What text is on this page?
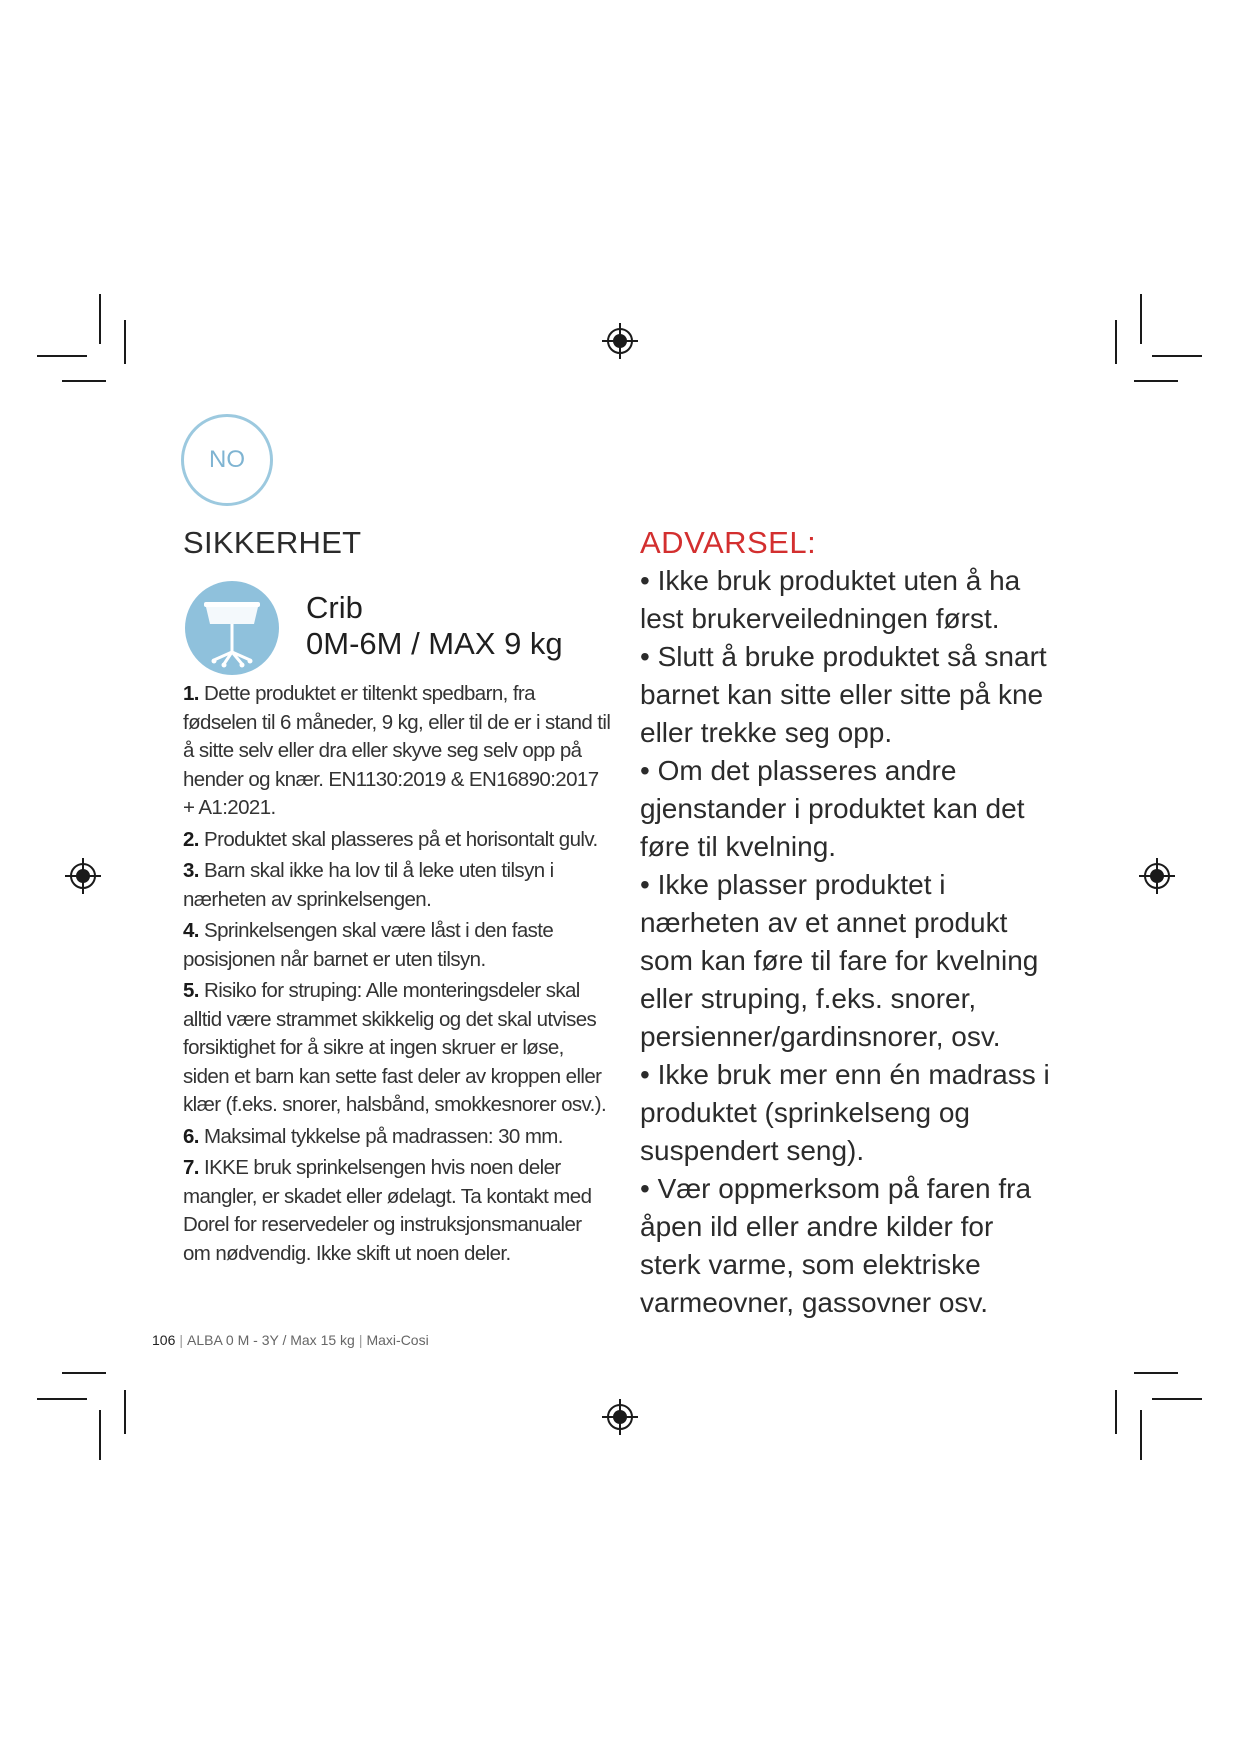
NO
SIKKERHET
Crib
0M-6M / MAX 9 kg
1. Dette produktet er tiltenkt spedbarn, fra fødselen til 6 måneder, 9 kg, eller til de er i stand til å sitte selv eller dra eller skyve seg selv opp på hender og knær. EN1130:2019 & EN16890:2017 + A1:2021.
2. Produktet skal plasseres på et horisontalt gulv.
3. Barn skal ikke ha lov til å leke uten tilsyn i nærheten av sprinkelsengen.
4. Sprinkelsengen skal være låst i den faste posisjonen når barnet er uten tilsyn.
5. Risiko for struping: Alle monteringsdeler skal alltid være strammet skikkelig og det skal utvises forsiktighet for å sikre at ingen skruer er løse, siden et barn kan sette fast deler av kroppen eller klær (f.eks. snorer, halsbånd, smokkesnorer osv.).
6. Maksimal tykkelse på madrassen: 30 mm.
7. IKKE bruk sprinkelsengen hvis noen deler mangler, er skadet eller ødelagt. Ta kontakt med Dorel for reservedeler og instruksjonsmanualer om nødvendig. Ikke skift ut noen deler.
ADVARSEL:
• Ikke bruk produktet uten å ha lest brukerveiledningen først.
• Slutt å bruke produktet så snart barnet kan sitte eller sitte på kne eller trekke seg opp.
• Om det plasseres andre gjenstander i produktet kan det føre til kvelning.
• Ikke plasser produktet i nærheten av et annet produkt som kan føre til fare for kvelning eller struping, f.eks. snorer, persienner/gardinsnorer, osv.
• Ikke bruk mer enn én madrass i produktet (sprinkelseng og suspendert seng).
• Vær oppmerksom på faren fra åpen ild eller andre kilder for sterk varme, som elektriske varmeovner, gassovner osv.
106 | ALBA 0 M - 3Y / Max 15 kg | Maxi-Cosi
